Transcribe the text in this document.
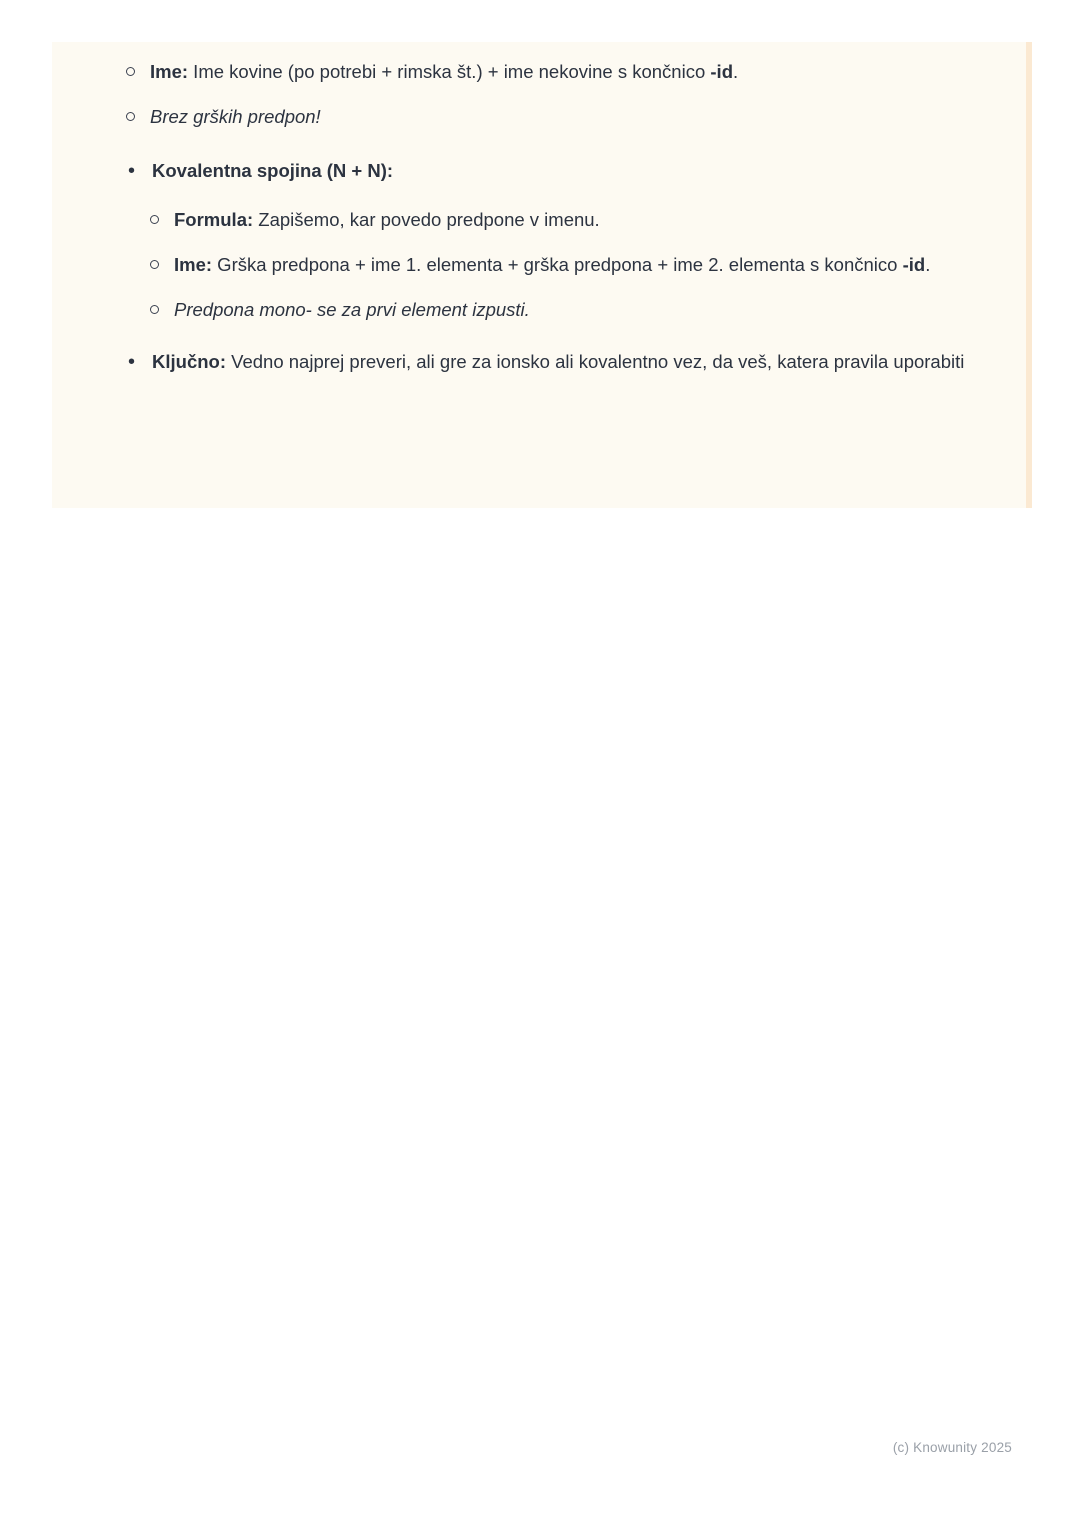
Ime: Ime kovine (po potrebi + rimska št.) + ime nekovine s končnico -id.
Brez grških predpon!
• Kovalentna spojina (N + N):
Formula: Zapišemo, kar povedo predpone v imenu.
Ime: Grška predpona + ime 1. elementa + grška predpona + ime 2. elementa s končnico -id.
Predpona mono- se za prvi element izpusti.
• Ključno: Vedno najprej preveri, ali gre za ionsko ali kovalentno vez, da veš, katera pravila uporabiti
(c) Knowunity 2025
